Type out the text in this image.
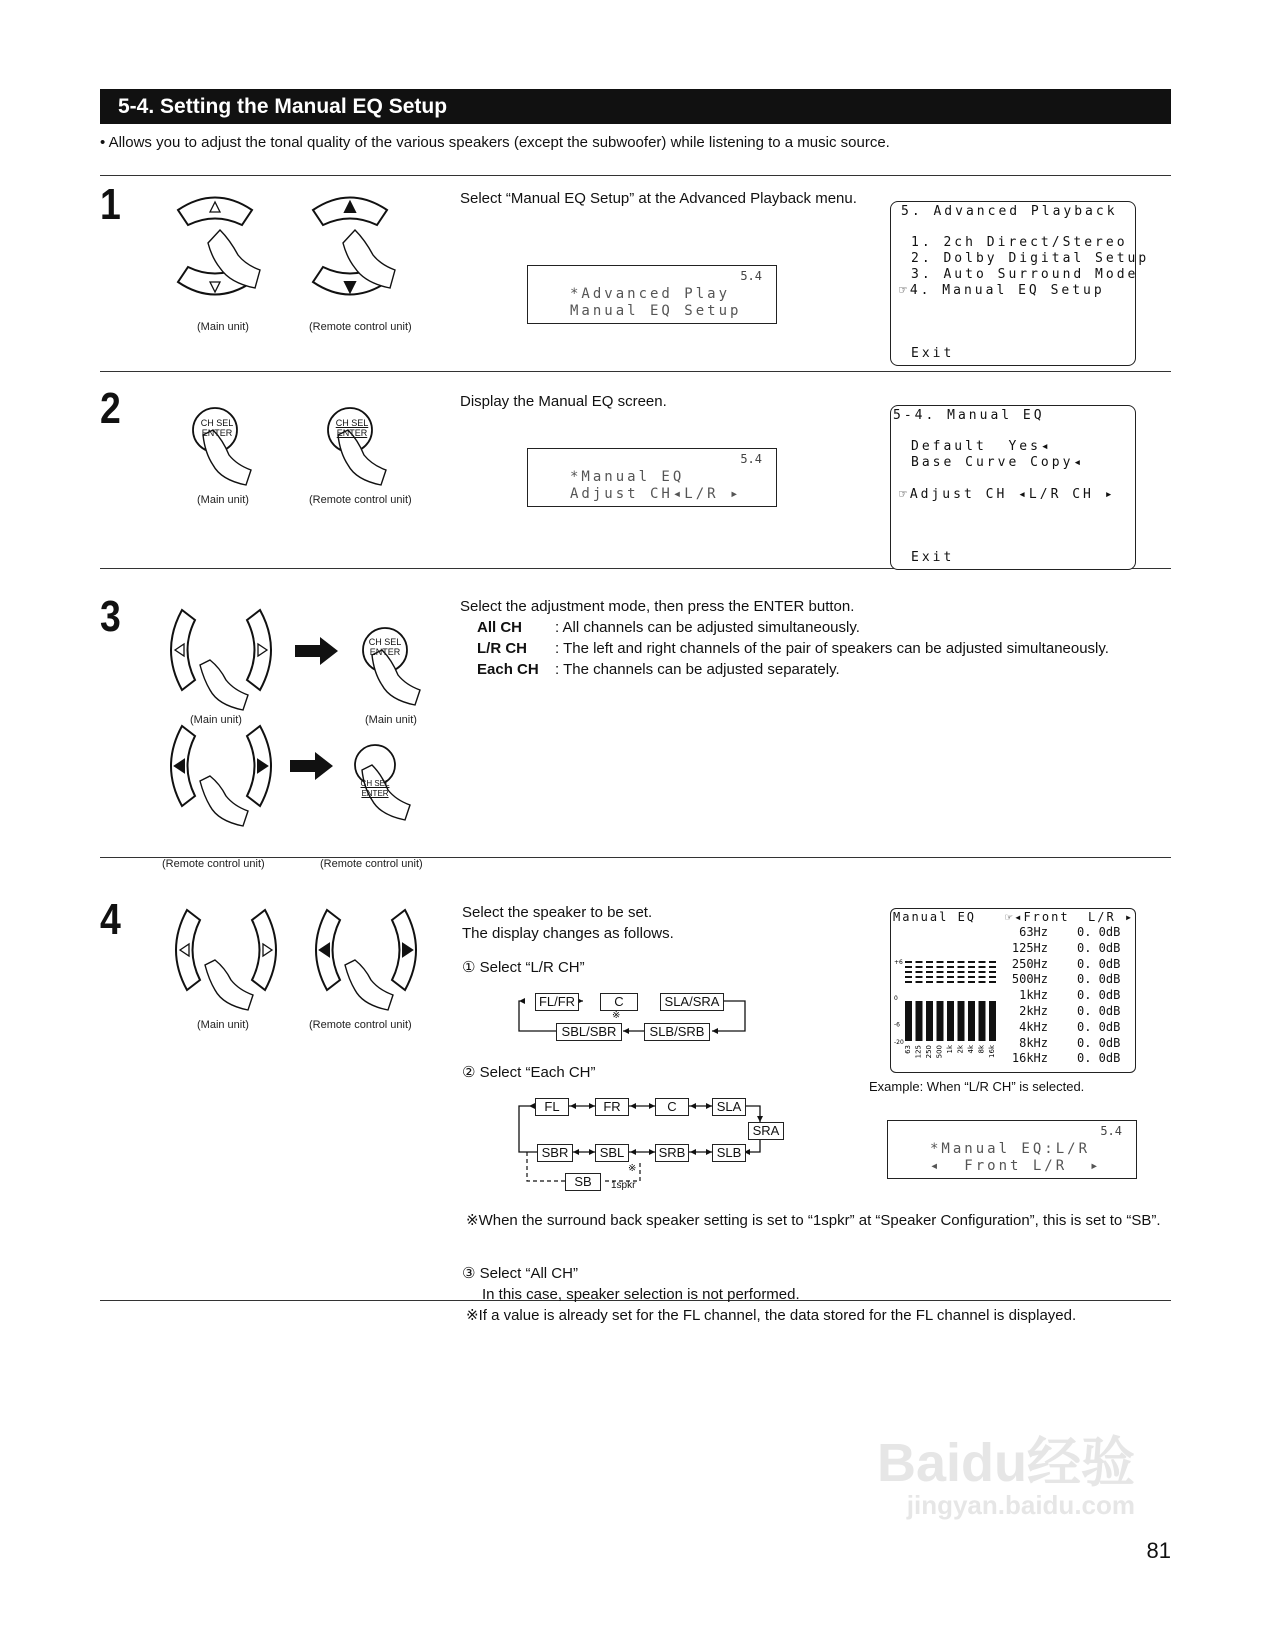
5-4. Setting the Manual EQ Setup
• Allows you to adjust the tonal quality of the various speakers (except the subwoofer) while listening to a music source.
1
(Main unit)	(Remote control unit)
Select “Manual EQ Setup” at the Advanced Playback menu.
5.4
*Advanced Play
Manual EQ Setup
5. Advanced Playback
1. 2ch Direct/Stereo
2. Dolby Digital Setup
3. Auto Surround Mode
☞4. Manual EQ Setup
Exit
2	CH SEL
ENTER
CH SEL
ENTER
(Main unit)	(Remote control unit)
Display the Manual EQ screen.
5.4
*Manual EQ
Adjust CH◂L/R ▸
5-4. Manual EQ
Default  Yes◂
Base Curve Copy◂
☞Adjust CH ◂L/R CH ▸
Exit
3
CH SEL
ENTER
CH SEL
ENTER
(Main unit)	(Main unit)
(Remote control unit)	(Remote control unit)
Select the adjustment mode, then press the ENTER button.
All CH : All channels can be adjusted simultaneously.
L/R CH : The left and right channels of the pair of speakers can be adjusted simultaneously.
Each CH : The channels can be adjusted separately.
4
(Main unit)	(Remote control unit)
Select the speaker to be set.
The display changes as follows.
① Select “L/R CH”
FL/FR	C
※
SLA/SRA
SBL/SBR	SLB/SRB
② Select “Each CH”
FL	FR	C	SLA
SRA
SBR	SBL	SRB	SLB
SB
※
1spkr
※When the surround back speaker setting is set to “1spkr” at “Speaker Configuration”, this is set to “SB”.
③ Select “All CH”
In this case, speaker selection is not performed.
※If a value is already set for the FL channel, the data stored for the FL channel is displayed.
Manual EQ ☞◂Front  L/R ▸
63Hz 0. 0dB
125Hz 0. 0dB
250Hz 0. 0dB
500Hz 0. 0dB
1kHz 0. 0dB
2kHz 0. 0dB
4kHz 0. 0dB
8kHz 0. 0dB
16kHz 0. 0dB
+6
0
-6
-20
63 125 250 500 1k 2k 4k 8k 16k
Example: When “L/R CH” is selected.
5.4
*Manual EQ:L/R
◂  Front L/R  ▸
Baidu经验
jingyan.baidu.com
81
